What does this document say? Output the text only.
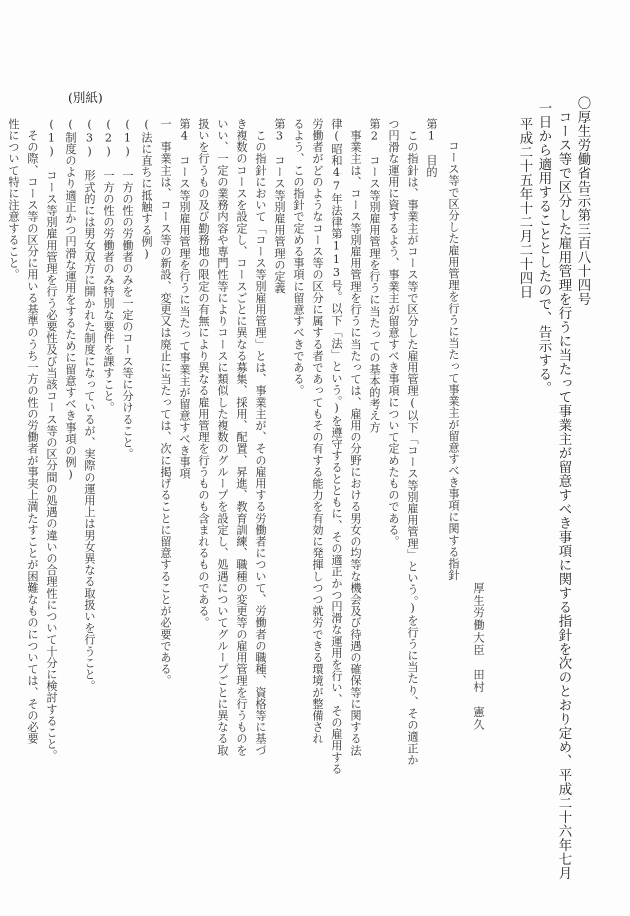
〇厚生労働省告示第三百八十四号
　コース等で区分した雇用管理を行うに当たって事業主が留意すべき事項に関する指針を次のとおり定め、平成二十六年七月
一日から適用することとしたので、告示する。
　平成二十五年十二月二十四日
厚生労働大臣　田村　憲久
コース等で区分した雇用管理を行うに当たって事業主が留意すべき事項に関する指針
第1　目的
　この指針は、事業主がコース等で区分した雇用管理(以下「コース等別雇用管理」という。)を行うに当たり、その適正か
つ円滑な運用に資するよう、事業主が留意すべき事項について定めたものである。
第2　コース等別雇用管理を行うに当たっての基本的考え方
　事業主は、コース等別雇用管理を行うに当たっては、雇用の分野における男女の均等な機会及び待遇の確保等に関する法
律(昭和47年法律第113号。以下「法」という。)を遵守するとともに、その適正かつ円滑な運用を行い、その雇用する
労働者がどのようなコース等の区分に属する者であってもその有する能力を有効に発揮しつつ就労できる環境が整備され
るよう、この指針で定める事項に留意すべきである。
第3　コース等別雇用管理の定義
　この指針において「コース等別雇用管理」とは、事業主が、その雇用する労働者について、労働者の職種、資格等に基づ
き複数のコースを設定し、コースごとに異なる募集、採用、配置、昇進、教育訓練、職種の変更等の雇用管理を行うものを
いい、一定の業務内容や専門性等によりコースに類似した複数のグループを設定し、処遇についてグループごとに異なる取
扱いを行うもの及び勤務地の限定の有無により異なる雇用管理を行うものも含まれるものである。
第4　コース等別雇用管理を行うに当たって事業主が留意すべき事項
一　事業主は、コース等の新設、変更又は廃止に当たっては、次に掲げることに留意することが必要である。
(法に直ちに抵触する例)
(1)　一方の性の労働者のみを一定のコース等に分けること。
(2)　一方の性の労働者のみ特別な要件を課すこと。
(3)　形式的には男女双方に開かれた制度になっているが、実際の運用上は男女異なる取扱いを行うこと。
(制度のより適正かつ円滑な運用をするために留意すべき事項の例)
(1)　コース等別雇用管理を行う必要性及び当該コース等の区分間の処遇の違いの合理性について十分に検討すること。
　その際、コース等の区分に用いる基準のうち一方の性の労働者が事実上満たすことが困難なものについては、その必要
性について特に注意すること。
(別紙)
